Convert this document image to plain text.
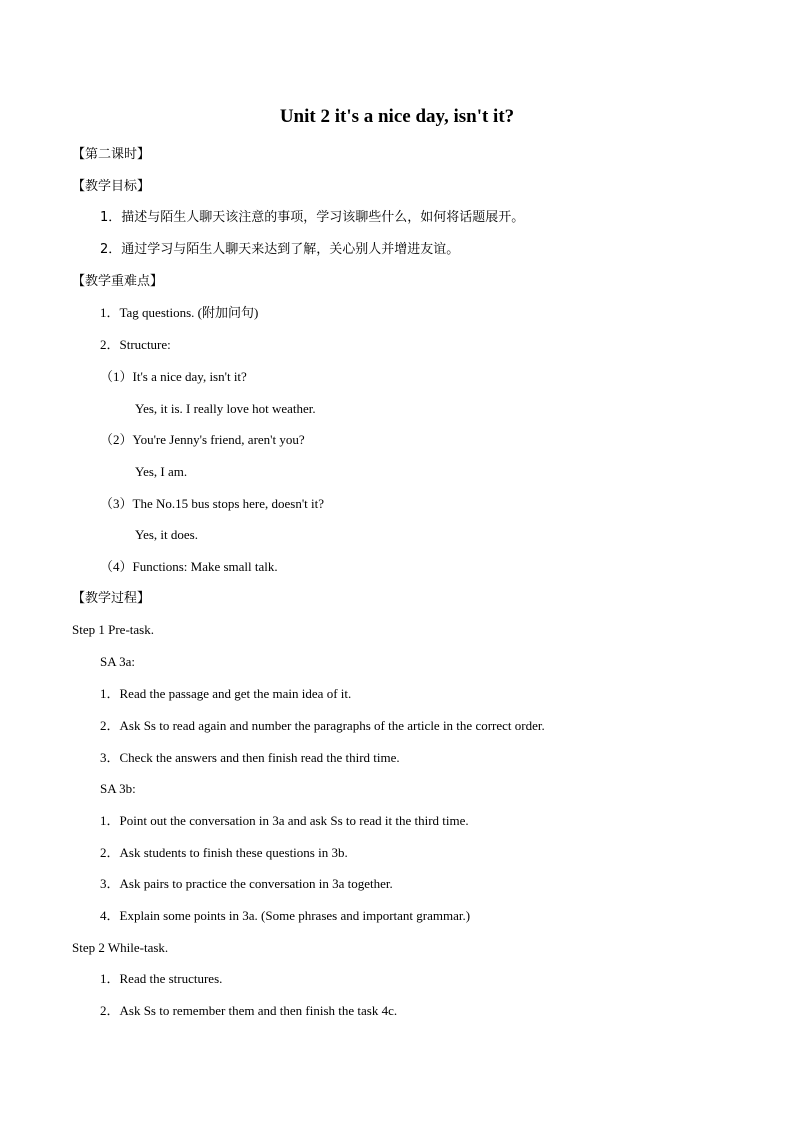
Unit 2 it's a nice day, isn't it?
【第二课时】
【教学目标】
1．描述与陌生人聊天该注意的事项，学习该聊些什么，如何将话题展开。
2．通过学习与陌生人聊天来达到了解，关心别人并增进友谊。
【教学重难点】
1．Tag questions. (附加问句)
2．Structure:
（1）It's a nice day, isn't it?
Yes, it is. I really love hot weather.
（2）You're Jenny's friend, aren't you?
Yes, I am.
（3）The No.15 bus stops here, doesn't it?
Yes, it does.
（4）Functions: Make small talk.
【教学过程】
Step 1 Pre-task.
SA 3a:
1．Read the passage and get the main idea of it.
2．Ask Ss to read again and number the paragraphs of the article in the correct order.
3．Check the answers and then finish read the third time.
SA 3b:
1．Point out the conversation in 3a and ask Ss to read it the third time.
2．Ask students to finish these questions in 3b.
3．Ask pairs to practice the conversation in 3a together.
4．Explain some points in 3a. (Some phrases and important grammar.)
Step 2 While-task.
1．Read the structures.
2．Ask Ss to remember them and then finish the task 4c.
